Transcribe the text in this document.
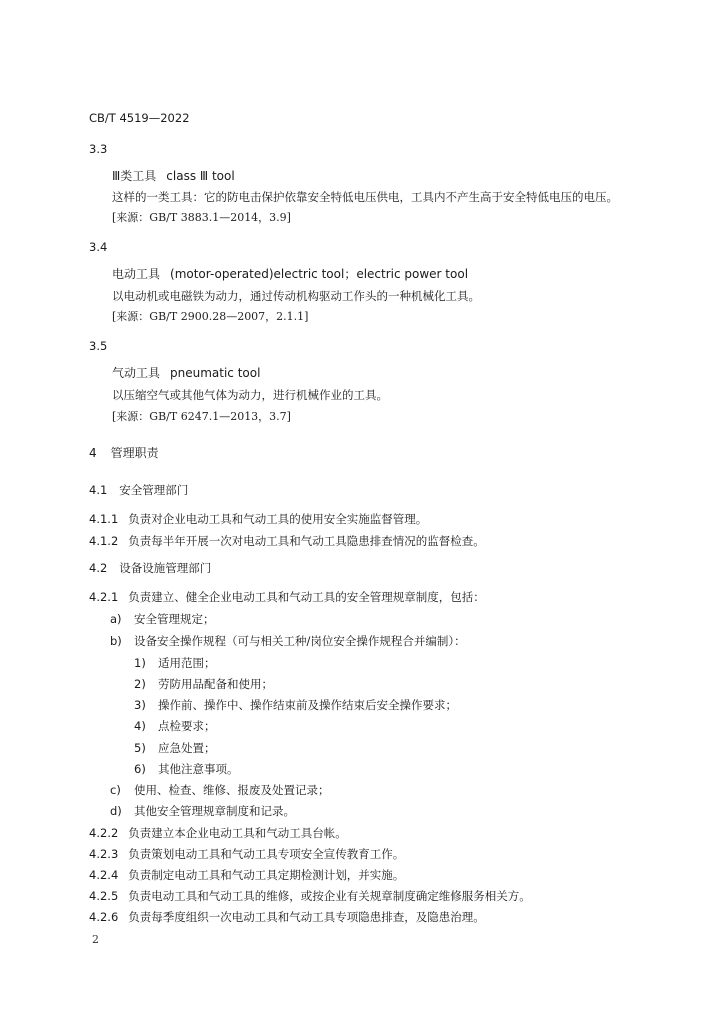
CB/T 4519—2022
3.3
Ⅲ类工具 class Ⅲ tool
这样的一类工具：它的防电击保护依靠安全特低电压供电，工具内不产生高于安全特低电压的电压。
[来源：GB/T 3883.1—2014，3.9]
3.4
电动工具 (motor-operated)electric tool；electric power tool
以电动机或电磁铁为动力，通过传动机构驱动工作头的一种机械化工具。
[来源：GB/T 2900.28—2007，2.1.1]
3.5
气动工具 pneumatic tool
以压缩空气或其他气体为动力，进行机械作业的工具。
[来源：GB/T 6247.1—2013，3.7]
4 管理职责
4.1 安全管理部门
4.1.1 负责对企业电动工具和气动工具的使用安全实施监督管理。
4.1.2 负责每半年开展一次对电动工具和气动工具隐患排查情况的监督检查。
4.2 设备设施管理部门
4.2.1 负责建立、健全企业电动工具和气动工具的安全管理规章制度，包括：
a) 安全管理规定；
b) 设备安全操作规程（可与相关工种/岗位安全操作规程合并编制）：
1) 适用范围；
2) 劳防用品配备和使用；
3) 操作前、操作中、操作结束前及操作结束后安全操作要求；
4) 点检要求；
5) 应急处置；
6) 其他注意事项。
c) 使用、检查、维修、报废及处置记录；
d) 其他安全管理规章制度和记录。
4.2.2 负责建立本企业电动工具和气动工具台帐。
4.2.3 负责策划电动工具和气动工具专项安全宣传教育工作。
4.2.4 负责制定电动工具和气动工具定期检测计划，并实施。
4.2.5 负责电动工具和气动工具的维修，或按企业有关规章制度确定维修服务相关方。
4.2.6 负责每季度组织一次电动工具和气动工具专项隐患排查，及隐患治理。
2
